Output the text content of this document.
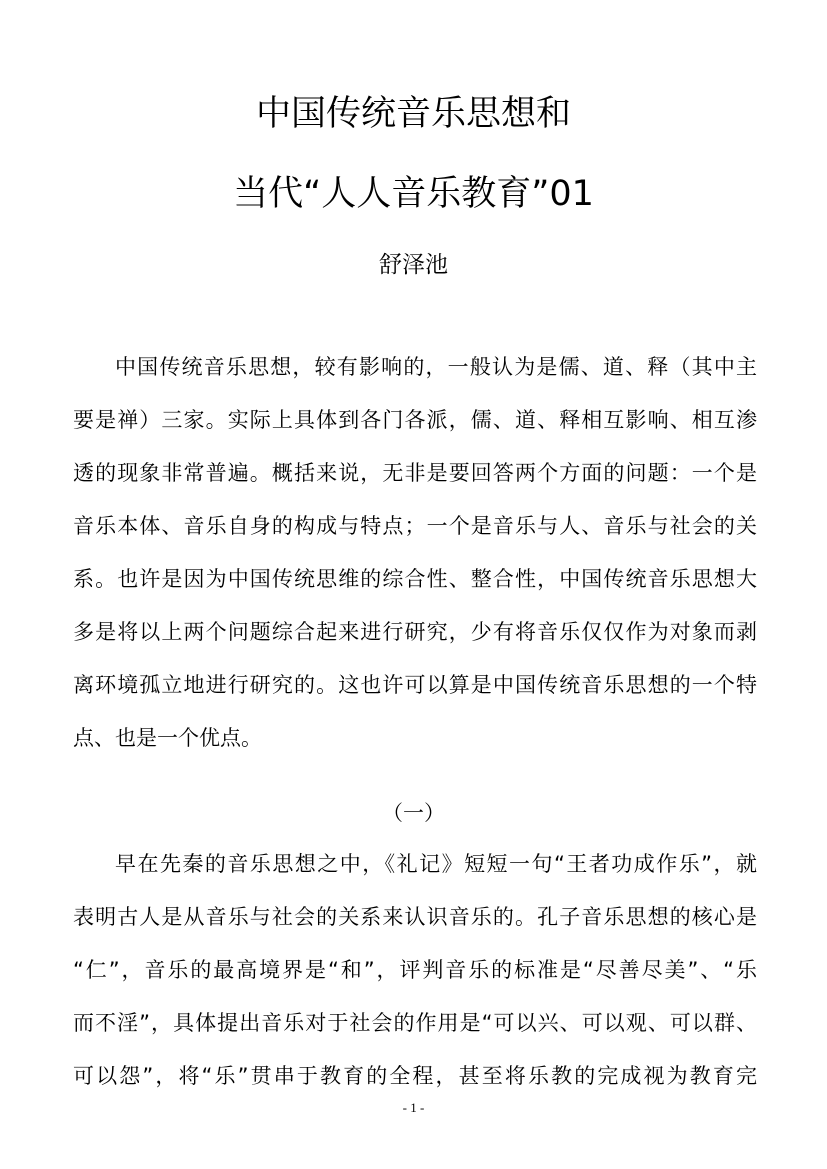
中国传统音乐思想和
当代“人人音乐教育”01
舒泽池
中国传统音乐思想，较有影响的，一般认为是儒、道、释（其中主
要是禅）三家。实际上具体到各门各派，儒、道、释相互影响、相互渗
透的现象非常普遍。概括来说，无非是要回答两个方面的问题：一个是
音乐本体、音乐自身的构成与特点；一个是音乐与人、音乐与社会的关
系。也许是因为中国传统思维的综合性、整合性，中国传统音乐思想大
多是将以上两个问题综合起来进行研究，少有将音乐仅仅作为对象而剥
离环境孤立地进行研究的。这也许可以算是中国传统音乐思想的一个特
点、也是一个优点。
（一）
早在先秦的音乐思想之中，《礼记》短短一句“王者功成作乐”，就
表明古人是从音乐与社会的关系来认识音乐的。孔子音乐思想的核心是
“仁”，音乐的最高境界是“和”，评判音乐的标准是“尽善尽美”、“乐
而不淫”，具体提出音乐对于社会的作用是“可以兴、可以观、可以群、
可以怨”，将“乐”贯串于教育的全程，甚至将乐教的完成视为教育完
- 1 -
